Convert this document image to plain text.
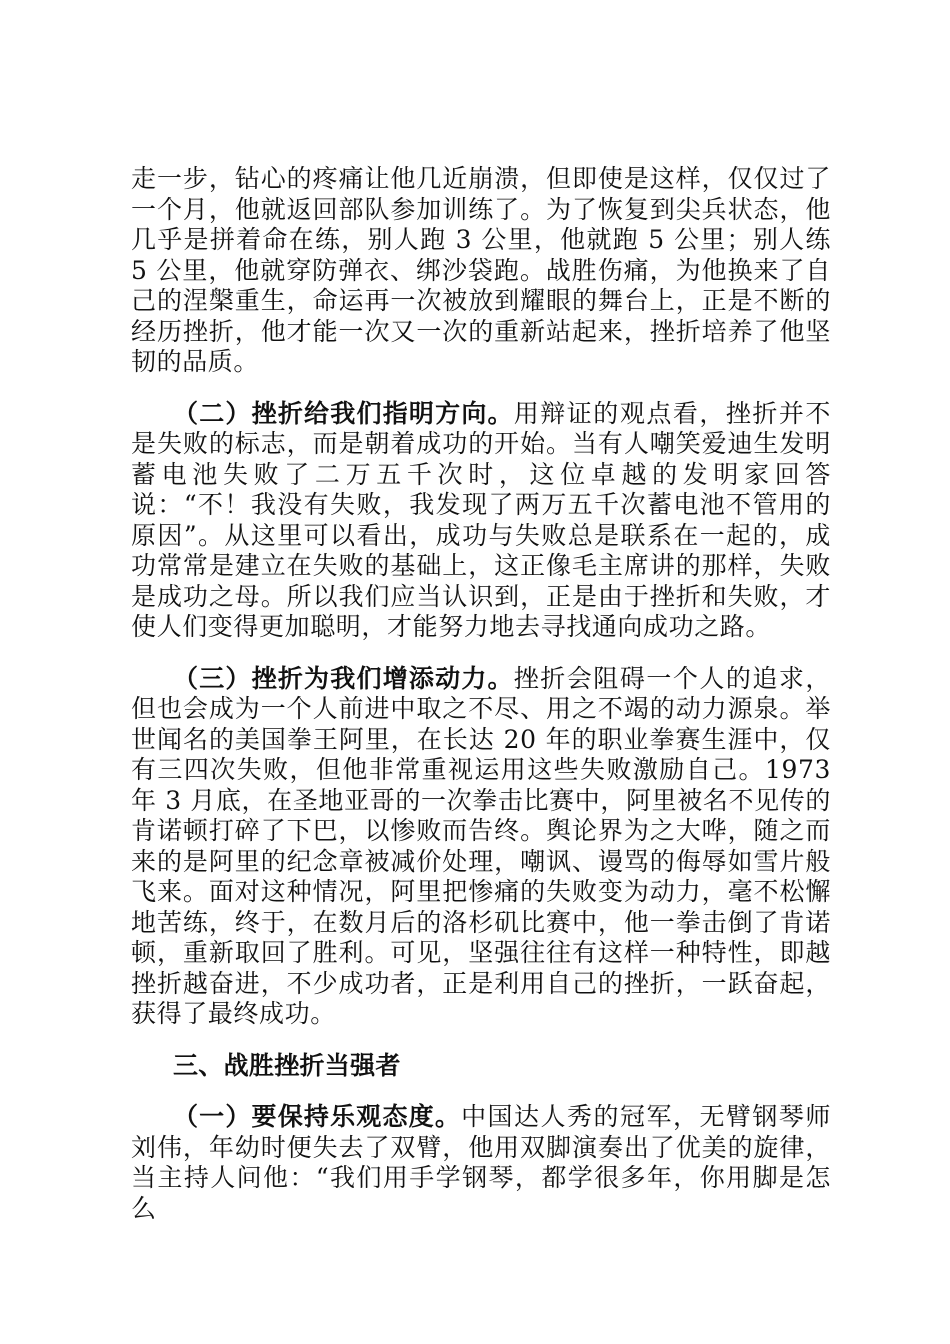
走一步，钻心的疼痛让他几近崩溃，但即使是这样，仅仅过了一个月，他就返回部队参加训练了。为了恢复到尖兵状态，他几乎是拼着命在练，别人跑 3 公里，他就跑 5 公里；别人练 5 公里，他就穿防弹衣、绑沙袋跑。战胜伤痛，为他换来了自己的涅槃重生，命运再一次被放到耀眼的舞台上，正是不断的经历挫折，他才能一次又一次的重新站起来，挫折培养了他坚韧的品质。

（二）挫折给我们指明方向。用辩证的观点看，挫折并不是失败的标志，而是朝着成功的开始。当有人嘲笑爱迪生发明蓄电池失败了二万五千次时，这位卓越的发明家回答说：“不！我没有失败，我发现了两万五千次蓄电池不管用的原因”。从这里可以看出，成功与失败总是联系在一起的，成功常常是建立在失败的基础上，这正像毛主席讲的那样，失败是成功之母。所以我们应当认识到，正是由于挫折和失败，才使人们变得更加聪明，才能努力地去寻找通向成功之路。

（三）挫折为我们增添动力。挫折会阻碍一个人的追求，但也会成为一个人前进中取之不尽、用之不竭的动力源泉。举世闻名的美国拳王阿里，在长达 20 年的职业拳赛生涯中，仅有三四次失败，但他非常重视运用这些失败激励自己。1973 年 3 月底，在圣地亚哥的一次拳击比赛中，阿里被名不见传的肯诺顿打碎了下巴，以惨败而告终。舆论界为之大哗，随之而来的是阿里的纪念章被减价处理，嘲讽、谩骂的侮辱如雪片般飞来。面对这种情况，阿里把惨痛的失败变为动力，毫不松懈地苦练，终于，在数月后的洛杉矶比赛中，他一拳击倒了肯诺顿，重新取回了胜利。可见，坚强往往有这样一种特性，即越挫折越奋进，不少成功者，正是利用自己的挫折，一跃奋起，获得了最终成功。

三、战胜挫折当强者

（一）要保持乐观态度。中国达人秀的冠军，无臂钢琴师刘伟，年幼时便失去了双臂，他用双脚演奏出了优美的旋律，当主持人问他：“我们用手学钢琴，都学很多年，你用脚是怎么
